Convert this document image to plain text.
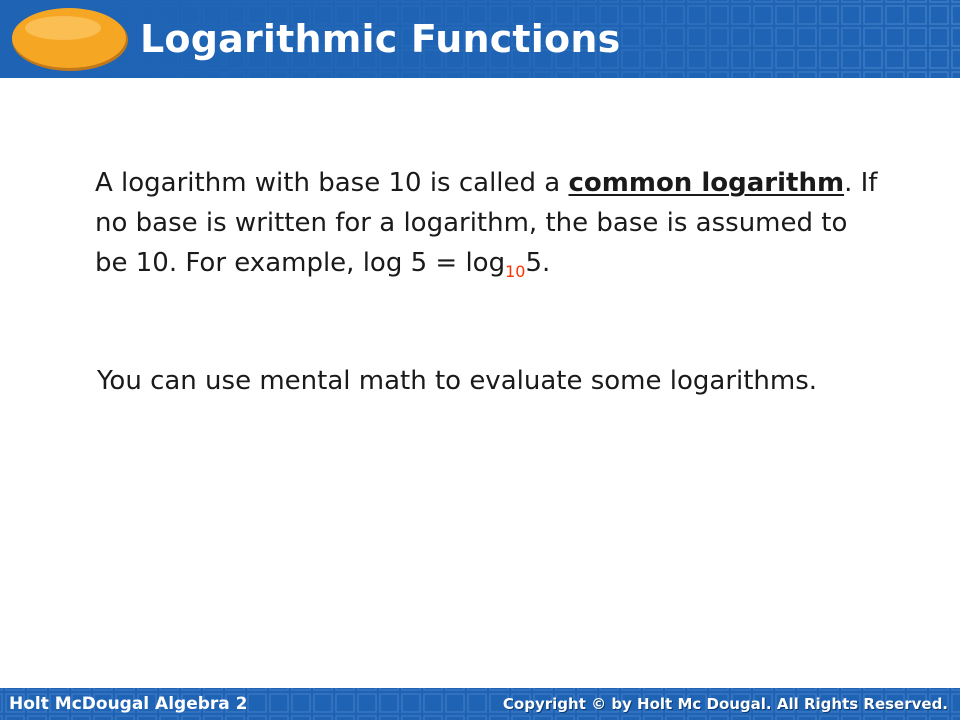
Logarithmic Functions

A logarithm with base 10 is called a common logarithm. If no base is written for a logarithm, the base is assumed to be 10. For example, $\log 5 = \log_{10}5$.

You can use mental math to evaluate some logarithms.

Holt McDougal Algebra 2	Copyright © by Holt Mc Dougal. All Rights Reserved.
